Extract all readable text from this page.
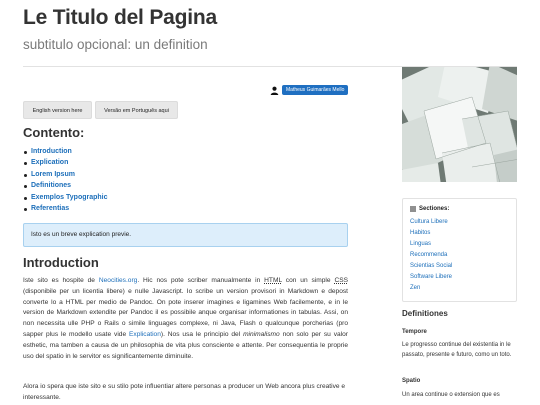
Le Titulo del Pagina
subtitulo opcional: un definition
Matheus Guimarães Mello
English version here	Versão em Português aqui
Contento:
Introduction
Explication
Lorem Ipsum
Definitiones
Exemplos Typographic
Referentias
Isto es un breve explication previe.
Introduction

Iste sito es hospite de Neocities.org. Hic nos pote scriber manualmente in HTML con un simple CSS (disponibile per un licentia libere) e nulle Javascript. Io scribe un version provisori in Markdown e depost converte lo a HTML per medio de Pandoc. On pote inserer imagines e ligamines Web facilemente, e in le version de Markdown extendite per Pandoc il es possibile anque organisar informationes in tabulas. Assi, on non necessita ulle PHP o Rails o simile linguages complexe, ni Java, Flash o qualcunque porcherias (pro sapper plus le modello usate vide Explication). Nos usa le principio del minimalismo non solo per su valor esthetic, ma tamben a causa de un philosophia de vita plus consciente e attente. Per consequentia le proprie uso del spatio in le servitor es significantemente diminuite.

Alora io spera que iste sito e su stilo pote influentiar altere personas a producer un Web ancora plus creative e interessante.

Sectiones:
Cultura Libere
Habitos
Linguas
Recommenda
Scientias Social
Software Libere
Zen
Definitiones
Tempore

Le progresso continue del existentia in le passato, presente e futuro, como un toto.

Spatio

Un area continue o extension que es
